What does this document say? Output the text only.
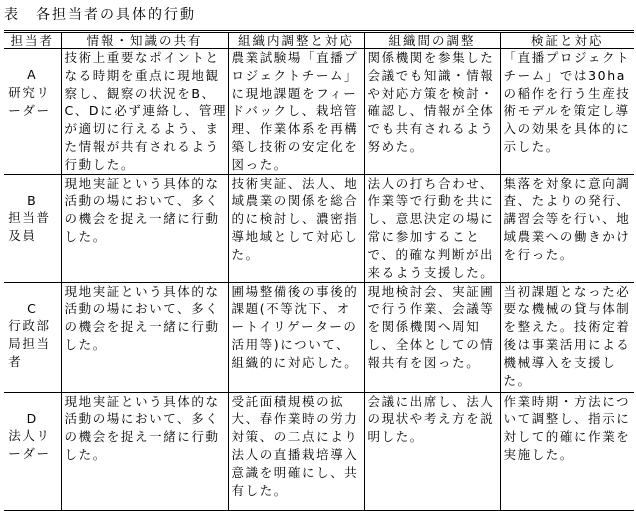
表　各担当者の具体的行動
担当者	情報・知識の共有	組織内調整と対応	組織間の調整	検証と対応

A
研究リーダー	技術上重要なポイントとなる時期を重点に現地観察し、観察の状況をB、C、Dに必ず連絡し、管理が適切に行えるよう、また情報が共有されるよう行動した。	農業試験場「直播プロジェクトチーム」に現地課題をフィードバックし、栽培管理、作業体系を再構築し技術の安定化を図った。	関係機関を参集した会議でも知識・情報や対応方策を検討・確認し、情報が全体でも共有されるよう努めた。	「直播プロジェクトチーム」では30haの稲作を行う生産技術モデルを策定し導入の効果を具体的に示した。

B
担当普及員	現地実証という具体的な活動の場において、多くの機会を捉え一緒に行動した。	技術実証、法人、地域農業の関係を総合的に検討し、濃密指導地域として対応した。	法人の打ち合わせ、作業等で行動を共にし、意思決定の場に常に参加することで、的確な判断が出来るよう支援した。	集落を対象に意向調査、たよりの発行、講習会等を行い、地域農業への働きかけを行った。

C
行政部局担当者	現地実証という具体的な活動の場において、多くの機会を捉え一緒に行動した。	圃場整備後の事後的課題(不等沈下、オートイリゲーターの活用等)について、組織的に対応した。	現地検討会、実証圃で行う作業、会議等を関係機関へ周知し、全体としての情報共有を図った。	当初課題となった必要な機械の貸与体制を整えた。技術定着後は事業活用による機械導入を支援した。

D
法人リーダー	現地実証という具体的な活動の場において、多くの機会を捉え一緒に行動した。	受託面積規模の拡大、春作業時の労力対策、の二点により法人の直播栽培導入意識を明確にし、共有した。	会議に出席し、法人の現状や考え方を説明した。	作業時期・方法について調整し、指示に対して的確に作業を実施した。
